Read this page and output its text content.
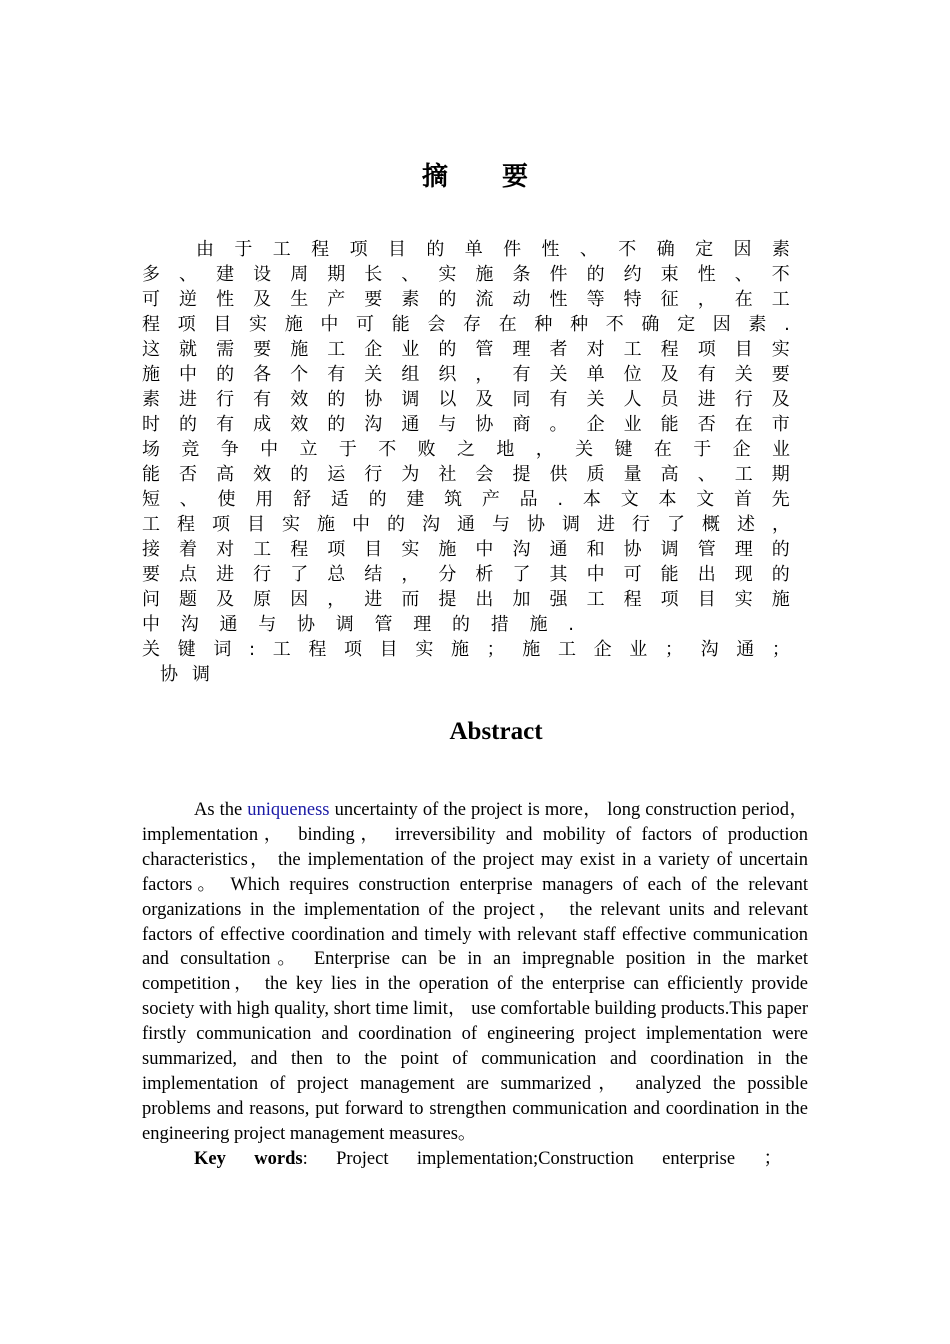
摘要
由 于 工 程 项 目 的 单 件 性 、 不 确 定 因 素
多 、 建 设 周 期 长 、 实 施 条 件 的 约 束 性 、 不
可 逆 性 及 生 产 要 素 的 流 动 性 等 特 征 ， 在 工
程 项 目 实 施 中 可 能 会 存 在 种 种 不 确 定 因 素 .
这 就 需 要 施 工 企 业 的 管 理 者 对 工 程 项 目 实
施 中 的 各 个 有 关 组 织 ， 有 关 单 位 及 有 关 要
素 进 行 有 效 的 协 调 以 及 同 有 关 人 员 进 行 及
时 的 有 成 效 的 沟 通 与 协 商 。 企 业 能 否 在 市
场 竞 争 中 立 于 不 败 之 地 ， 关 键 在 于 企 业
能 否 高 效 的 运 行 为 社 会 提 供 质 量 高 、 工 期
短 、 使 用 舒 适 的 建 筑 产 品 . 本 文 本 文 首 先
工 程 项 目 实 施 中 的 沟 通 与 协 调 进 行 了 概 述 ，
接 着 对 工 程 项 目 实 施 中 沟 通 和 协 调 管 理 的
要 点 进 行 了 总 结 ， 分 析 了 其 中 可 能 出 现 的
问 题 及 原 因 ， 进 而 提 出 加 强 工 程 项 目 实 施
中 沟 通 与 协 调 管 理 的 措 施 .
关 键 词 : 工 程 项 目 实 施 ； 施 工 企 业 ； 沟 通 ；
协调
Abstract

As the uniqueness uncertainty of the project is more， long construction period， implementation， binding， irreversibility and mobility of factors of production characteristics， the implementation of the project may exist in a variety of uncertain factors。 Which requires construction enterprise managers of each of the relevant organizations in the implementation of the project， the relevant units and relevant factors of effective coordination and timely with relevant staff effective communication and consultation。 Enterprise can be in an impregnable position in the market competition， the key lies in the operation of the enterprise can efficiently provide society with high quality, short time limit， use comfortable building products.This paper firstly communication and coordination of engineering project implementation were summarized, and then to the point of communication and coordination in the implementation of project management are summarized， analyzed the possible problems and reasons, put forward to strengthen communication and coordination in the engineering project management measures。

Key words: Project implementation;Construction enterprise ；
